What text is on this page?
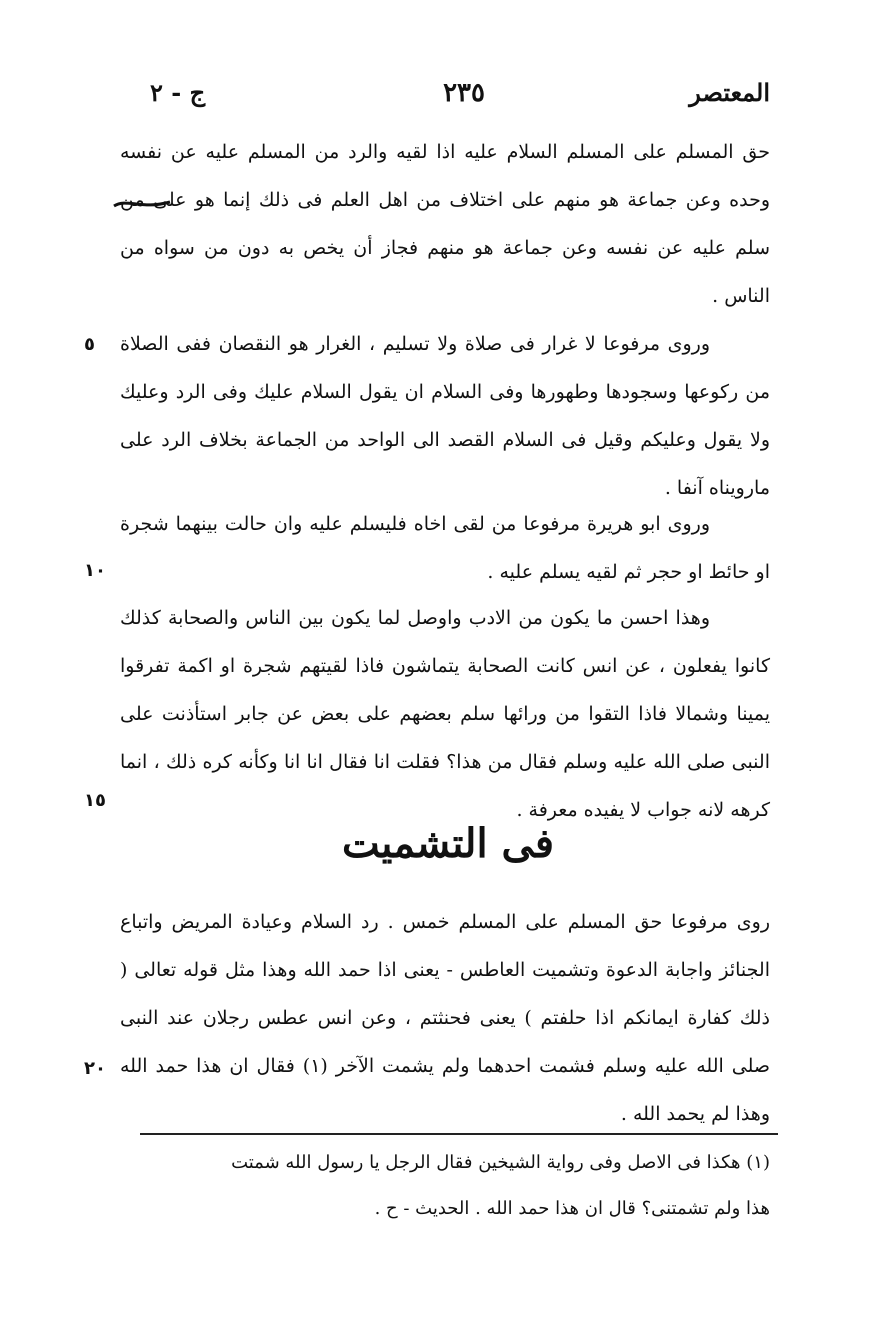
المعتصر
٢٣٥
ج - ٢

حق المسلم على المسلم السلام عليه اذا لقيه والرد من المسلم عليه عن نفسه وحده وعن جماعة هو منهم على اختلاف من اهل العلم فى ذلك إنما هو على من سلم عليه عن نفسه وعن جماعة هو منهم فجاز أن يخص به دون من سواه من الناس .

وروى مرفوعا لا غرار فى صلاة ولا تسليم ، الغرار هو النقصان ففى الصلاة من ركوعها وسجودها وطهورها وفى السلام ان يقول السلام عليك وفى الرد وعليك ولا يقول وعليكم وقيل فى السلام القصد الى الواحد من الجماعة بخلاف الرد على مارويناه آنفا .

وروى ابو هريرة مرفوعا من لقى اخاه فليسلم عليه وان حالت بينهما شجرة او حائط او حجر ثم لقيه يسلم عليه .

وهذا احسن ما يكون من الادب واوصل لما يكون بين الناس والصحابة كذلك كانوا يفعلون ، عن انس كانت الصحابة يتماشون فاذا لقيتهم شجرة او اكمة تفرقوا يمينا وشمالا فاذا التقوا من ورائها سلم بعضهم على بعض عن جابر استأذنت على النبى صلى الله عليه وسلم فقال من هذا؟ فقلت انا فقال انا انا وكأنه كره ذلك ، انما كرهه لانه جواب لا يفيده معرفة .

٥
١٠
١٥
٢٠
فى التشميت

روى مرفوعا حق المسلم على المسلم خمس . رد السلام وعيادة المريض واتباع الجنائز واجابة الدعوة وتشميت العاطس - يعنى اذا حمد الله وهذا مثل قوله تعالى ( ذلك كفارة ايمانكم اذا حلفتم ) يعنى فحنثتم ، وعن انس عطس رجلان عند النبى صلى الله عليه وسلم فشمت احدهما ولم يشمت الآخر (١) فقال ان هذا حمد الله وهذا لم يحمد الله .

(١) هكذا فى الاصل وفى رواية الشيخين فقال الرجل يا رسول الله شمتت

هذا ولم تشمتنى؟ قال ان هذا حمد الله . الحديث - ح .
